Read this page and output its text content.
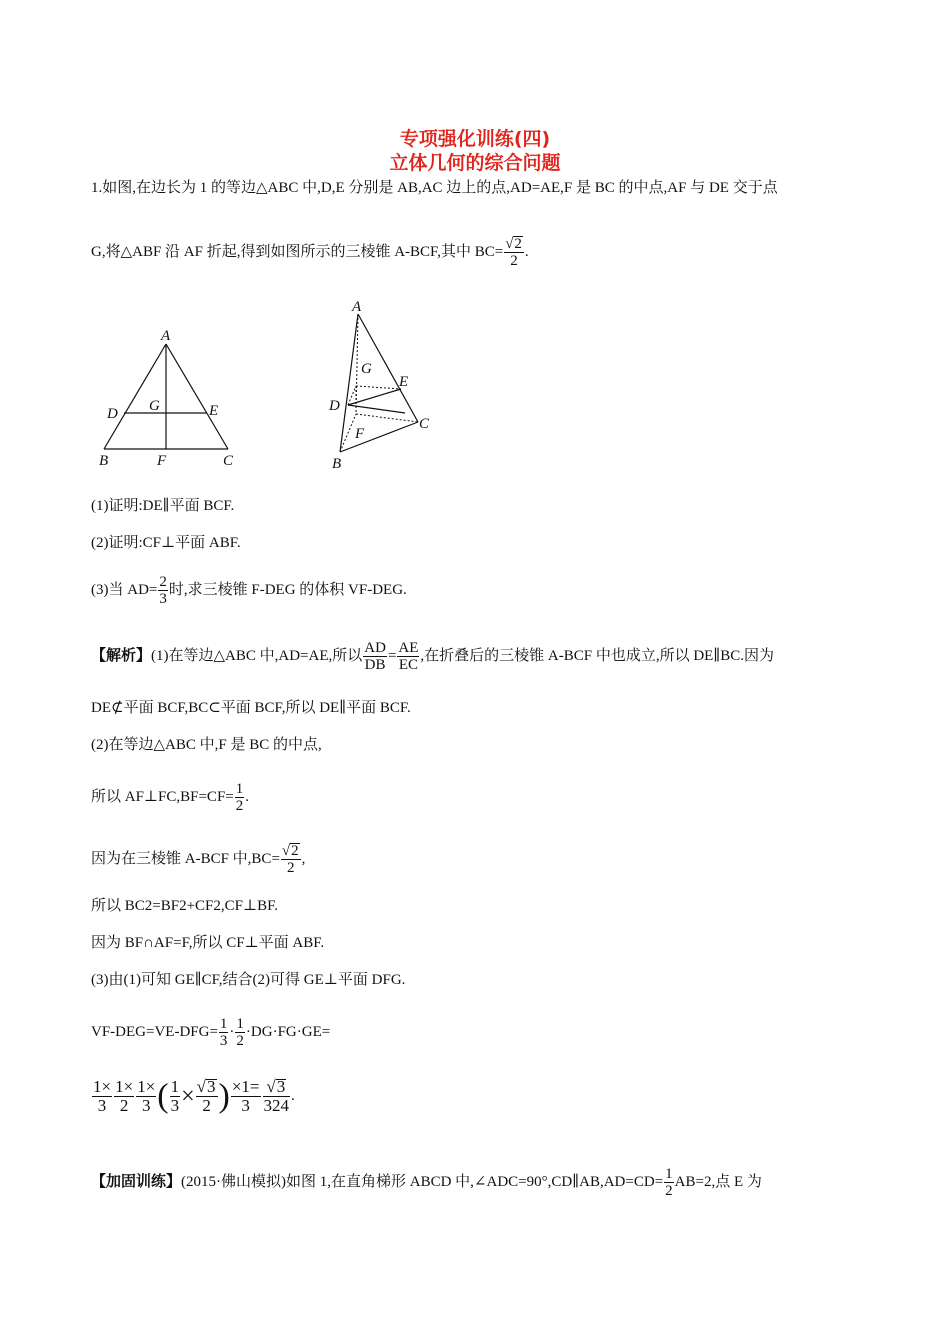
专项强化训练(四)
立体几何的综合问题
1.如图,在边长为 1 的等边△ABC 中,D,E 分别是 AB,AC 边上的点,AD=AE,F 是 BC 的中点,AF 与 DE 交于点
G,将△ABF 沿 AF 折起,得到如图所示的三棱锥 A-BCF,其中 $BC= \frac{√2}{2}$ .
A
D G	E
B	F	C
A
G
E
D
C
F
B
(1)证明:DE∥平面 BCF.
(2)证明:CF⊥平面 ABF.
(3)当 $AD= \frac{2}{3}$ 时,求三棱锥 F-DEG 的体积 VF-DEG.
【解析】(1)在等边△ABC 中,AD=AE,所以 $\frac{AD}{DB} = \frac{AE}{EC}$ ,在折叠后的三棱锥 A-BCF 中也成立,所以 DE∥BC.因为
DE⊄平面 BCF,BC⊂平面 BCF,所以 DE∥平面 BCF.
(2)在等边△ABC 中,F 是 BC 的中点,
所以 AF⊥FC,BF=CF= $\frac{1}{2}$ .
因为在三棱锥 A-BCF 中$,BC= \frac{√2}{2}$ ,
所以 BC2=BF2+CF2,CF⊥BF.
因为 BF∩AF=F,所以 CF⊥平面 ABF.
(3)由(1)可知 GE∥CF,结合(2)可得 GE⊥平面 DFG.
$VF-DEG=VE-DFG= \frac{1}{3} \cdot \frac{1}{2} \cdot DG\cdot FG\cdot GE=$
$\frac{1\times}{3} \frac{1\times}{2} \frac{1\times}{3}$ ( $\frac{1}{3} \times \frac{√3}{2}$ ) $\frac{\times 1=}{3} \frac{√3}{324}$ .
【加固训练】(2015·佛山模拟)如图 1,在直角梯形 ABCD 中,∠ADC=90°,CD∥AB,AD=CD= $\frac{1}{2} AB=2$,点 E 为
